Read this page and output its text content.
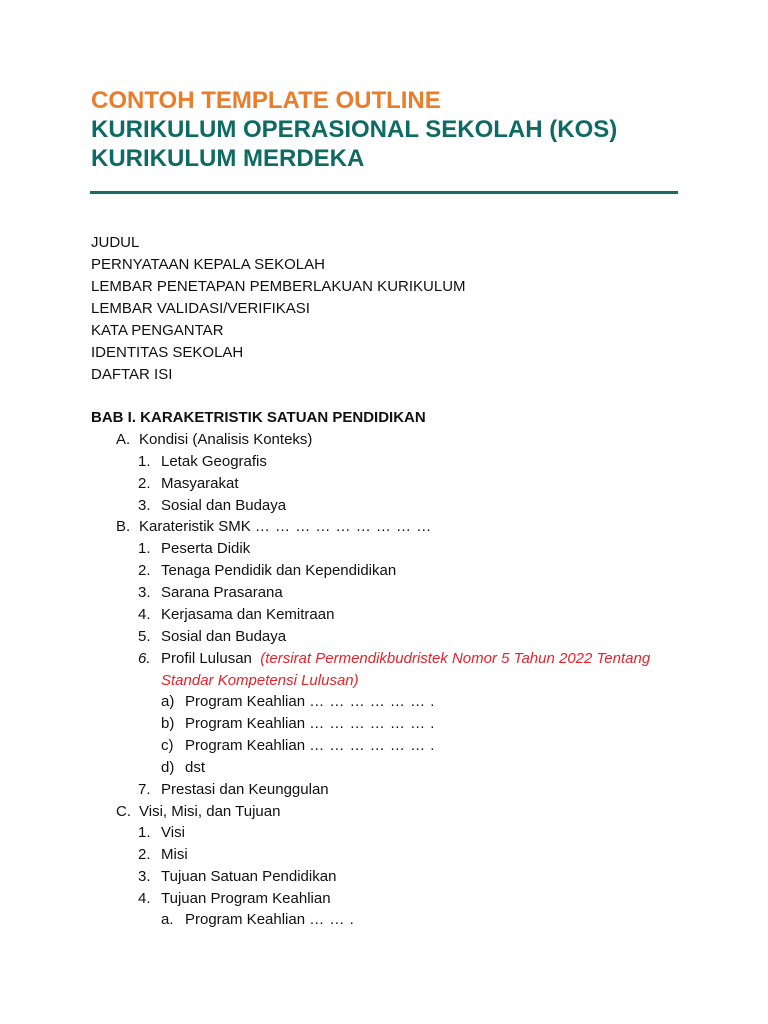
CONTOH TEMPLATE OUTLINE
KURIKULUM OPERASIONAL SEKOLAH (KOS)
KURIKULUM MERDEKA
JUDUL
PERNYATAAN KEPALA SEKOLAH
LEMBAR PENETAPAN PEMBERLAKUAN KURIKULUM
LEMBAR VALIDASI/VERIFIKASI
KATA PENGANTAR
IDENTITAS SEKOLAH
DAFTAR ISI
BAB I. KARAKETRISTIK SATUAN PENDIDIKAN
A. Kondisi (Analisis Konteks)
1. Letak Geografis
2. Masyarakat
3. Sosial dan Budaya
B. Karateristik SMK … … … … … … … … …
1. Peserta Didik
2. Tenaga Pendidik dan Kependidikan
3. Sarana Prasarana
4. Kerjasama dan Kemitraan
5. Sosial dan Budaya
6. Profil Lulusan (tersirat Permendikbudristek Nomor 5 Tahun 2022 Tentang
Standar Kompetensi Lulusan)
a) Program Keahlian … … … … … … .
b) Program Keahlian … … … … … … .
c) Program Keahlian … … … … … … .
d) dst
7. Prestasi dan Keunggulan
C. Visi, Misi, dan Tujuan
1. Visi
2. Misi
3. Tujuan Satuan Pendidikan
4. Tujuan Program Keahlian
a. Program Keahlian … … .
